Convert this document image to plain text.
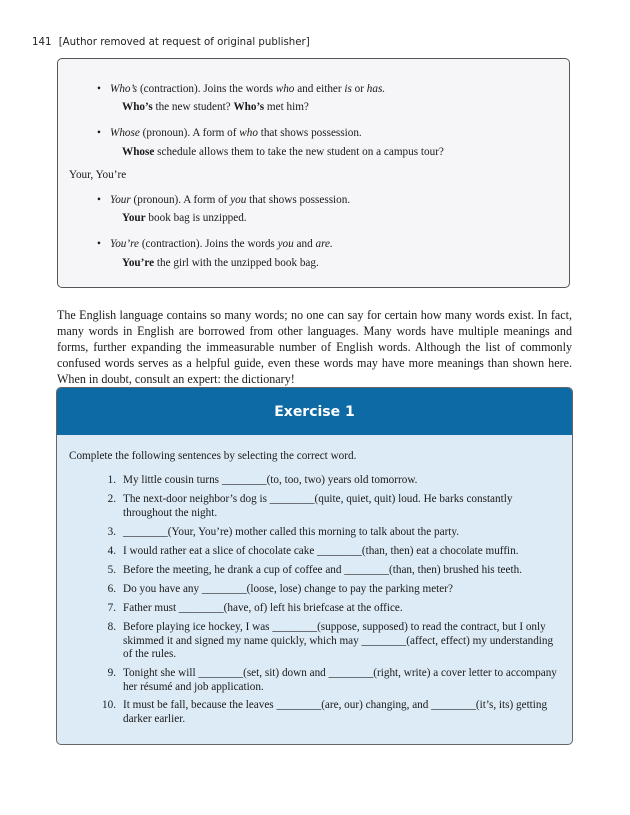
141 [Author removed at request of original publisher]
• Who’s (contraction). Joins the words who and either is or has.
Who’s the new student? Who’s met him?
• Whose (pronoun). A form of who that shows possession.
Whose schedule allows them to take the new student on a campus tour?
Your, You’re
• Your (pronoun). A form of you that shows possession.
Your book bag is unzipped.
• You’re (contraction). Joins the words you and are.
You’re the girl with the unzipped book bag.

The English language contains so many words; no one can say for certain how many words exist. In fact, many words in English are borrowed from other languages. Many words have multiple meanings and forms, further expanding the immeasurable number of English words. Although the list of commonly confused words serves as a helpful guide, even these words may have more meanings than shown here. When in doubt, consult an expert: the dictionary!

Exercise 1
Complete the following sentences by selecting the correct word.
1. My little cousin turns ________(to, too, two) years old tomorrow.
2. The next-door neighbor’s dog is ________(quite, quiet, quit) loud. He barks constantly throughout the night.
3. ________(Your, You’re) mother called this morning to talk about the party.
4. I would rather eat a slice of chocolate cake ________(than, then) eat a chocolate muffin.
5. Before the meeting, he drank a cup of coffee and ________(than, then) brushed his teeth.
6. Do you have any ________(loose, lose) change to pay the parking meter?
7. Father must ________(have, of) left his briefcase at the office.
8. Before playing ice hockey, I was ________(suppose, supposed) to read the contract, but I only skimmed it and signed my name quickly, which may ________(affect, effect) my understanding of the rules.
9. Tonight she will ________(set, sit) down and ________(right, write) a cover letter to accompany her résumé and job application.
10. It must be fall, because the leaves ________(are, our) changing, and ________(it’s, its) getting darker earlier.
